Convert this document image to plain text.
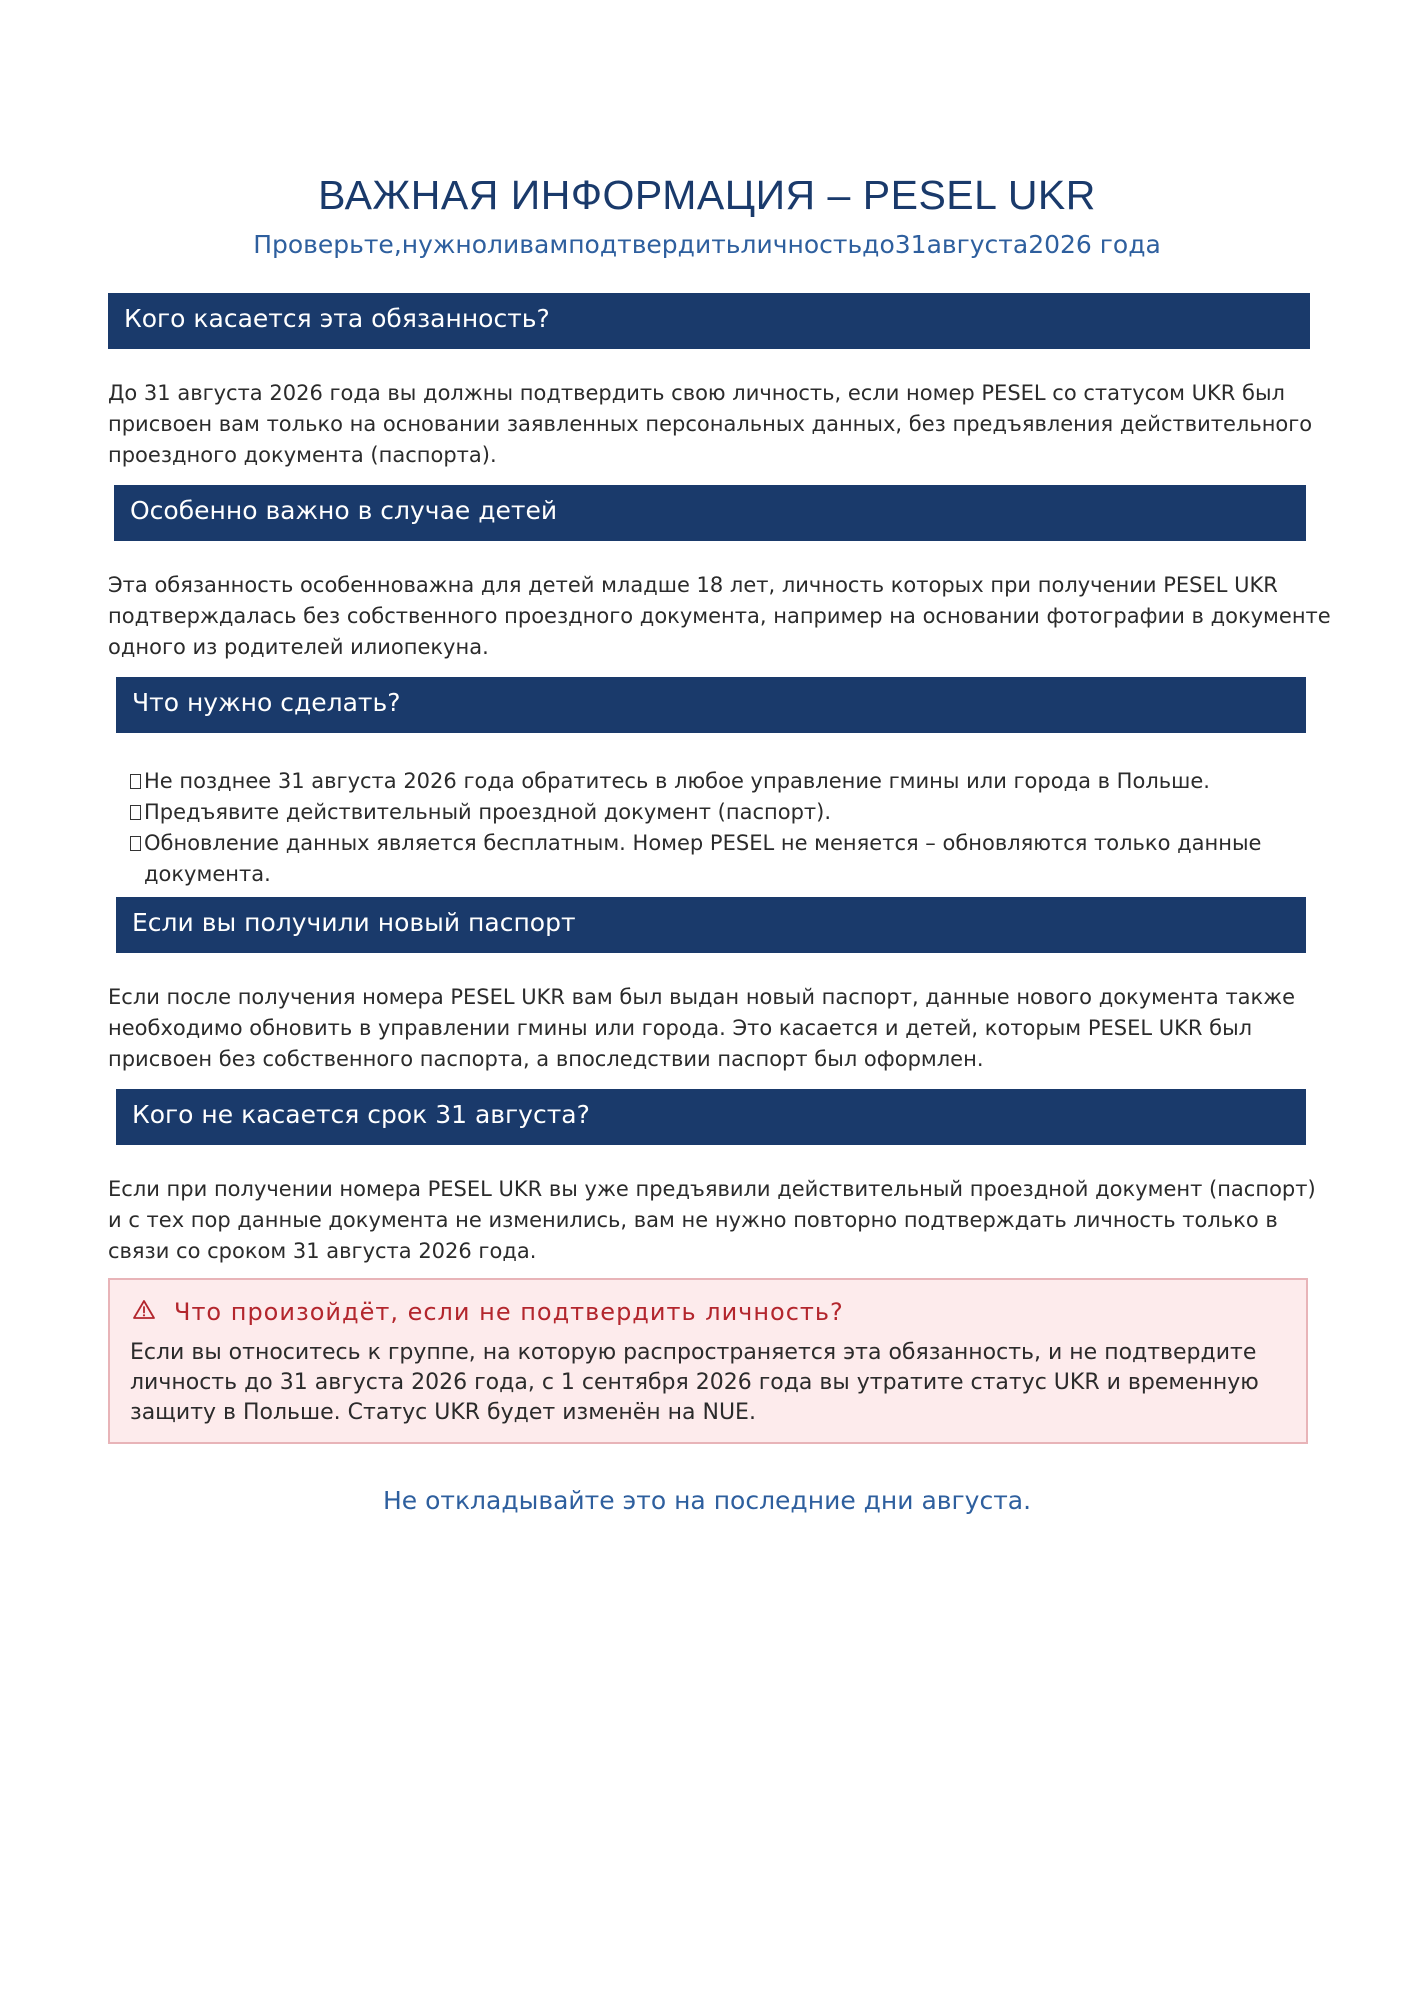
ВАЖНАЯ ИНФОРМАЦИЯ – PESEL UKR
Проверьте,нужноливамподтвердитьличностьдо31августа2026 года
Кого касается эта обязанность?

До 31 августа 2026 года вы должны подтвердить свою личность, если номер PESEL со статусом UKR был присвоен вам только на основании заявленных персональных данных, без предъявления действительного проездного документа (паспорта).

Особенно важно в случае детей

Эта обязанность особенноважна для детей младше 18 лет, личность которых при получении PESEL UKR подтверждалась без собственного проездного документа, например на основании фотографии в документе одного из родителей илиопекуна.

Что нужно сделать?
Не позднее 31 августа 2026 года обратитесь в любое управление гмины или города в Польше.
Предъявите действительный проездной документ (паспорт).
Обновление данных является бесплатным. Номер PESEL не меняется – обновляются только данные документа.
Если вы получили новый паспорт

Если после получения номера PESEL UKR вам был выдан новый паспорт, данные нового документа также необходимо обновить в управлении гмины или города. Это касается и детей, которым PESEL UKR был присвоен без собственного паспорта, а впоследствии паспорт был оформлен.

Кого не касается срок 31 августа?

Если при получении номера PESEL UKR вы уже предъявили действительный проездной документ (паспорт) и с тех пор данные документа не изменились, вам не нужно повторно подтверждать личность только в связи со сроком 31 августа 2026 года.

Что произойдёт, если не подтвердить личность?
Если вы относитесь к группе, на которую распространяется эта обязанность, и не подтвердите личность до 31 августа 2026 года, с 1 сентября 2026 года вы утратите статус UKR и временную защиту в Польше. Статус UKR будет изменён на NUE.
Не откладывайте это на последние дни августа.
